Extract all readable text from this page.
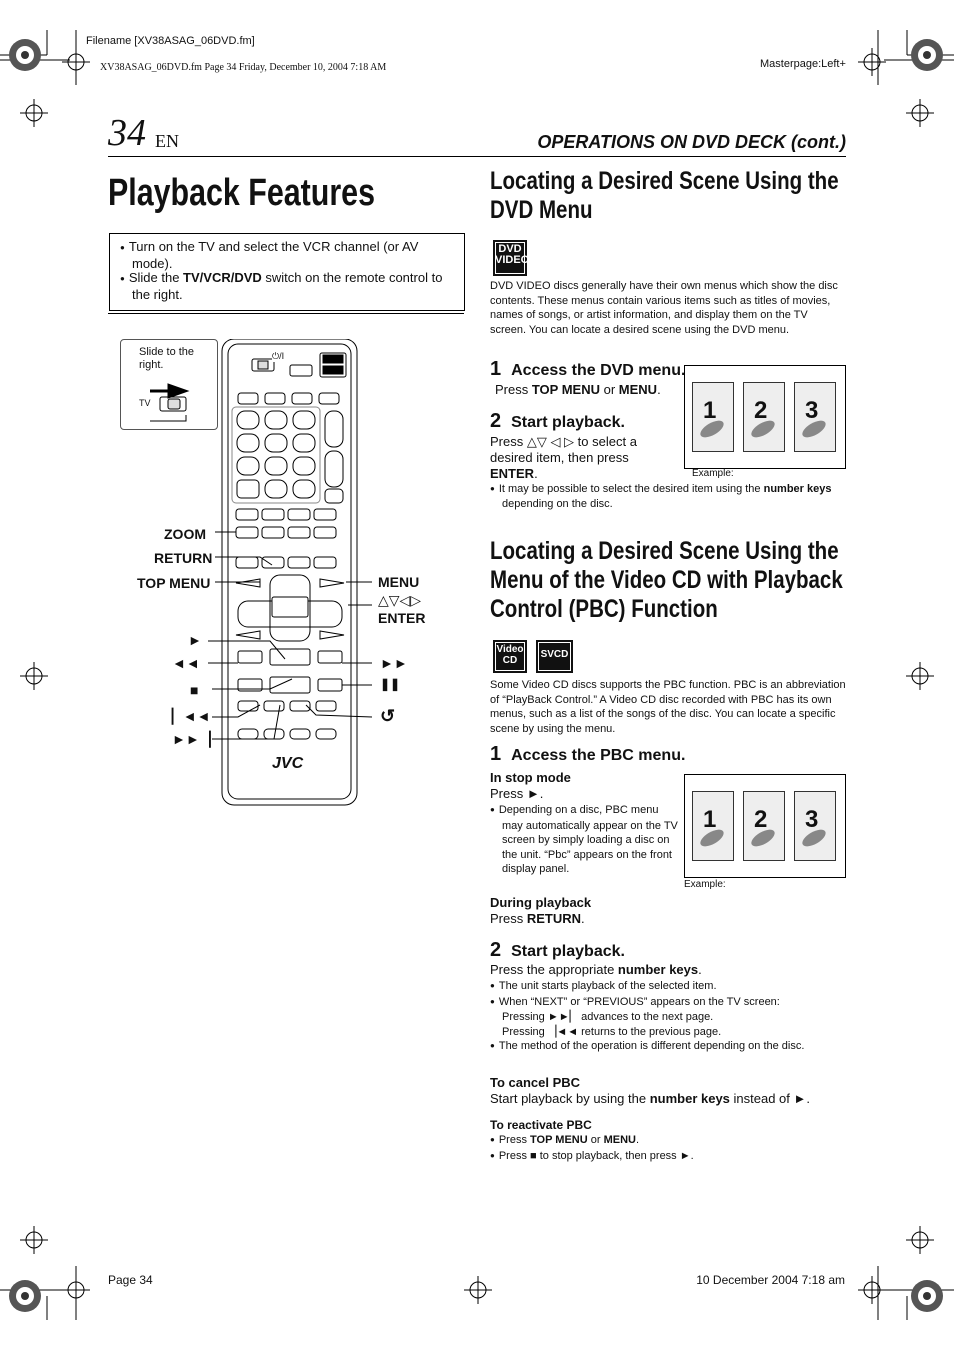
Filename [XV38ASAG_06DVD.fm]
XV38ASAG_06DVD.fm Page 34 Friday, December 10, 2004 7:18 AM	Masterpage:Left+
34 EN	OPERATIONS ON DVD DECK (cont.)
Playback Features
● Turn on the TV and select the VCR channel (or AV mode).
● Slide the TV/VCR/DVD switch on the remote control to the right.
Slide to the right.
TV
⏻/I
JVC
ZOOM
RETURN
TOP MENU	MENU
△▽◁▷
ENTER
►
◄◄	►►
■	❚❚
▏◄◄
►►▕
↺
Locating a Desired Scene Using the DVD Menu
DVD VIDEO
DVD VIDEO discs generally have their own menus which show the disc contents. These menus contain various items such as titles of movies, names of songs, or artist information, and display them on the TV screen. You can locate a desired scene using the DVD menu.
1 Access the DVD menu.
Press TOP MENU or MENU.
2 Start playback.
Press △▽ ◁ ▷ to select a desired item, then press ENTER.
● It may be possible to select the desired item using the number keys depending on the disc.
1 2 3
Example:
Locating a Desired Scene Using the Menu of the Video CD with Playback Control (PBC) Function
Video CD
SVCD
Some Video CD discs supports the PBC function. PBC is an abbreviation of “PlayBack Control.” A Video CD disc recorded with PBC has its own menus, such as a list of the songs of the disc. You can locate a specific scene by using the menu.
1 Access the PBC menu.
In stop mode
Press ►.
● Depending on a disc, PBC menu may automatically appear on the TV screen by simply loading a disc on the unit. “Pbc” appears on the front display panel.
During playback
Press RETURN.
1 2 3
Example:
2 Start playback.
Press the appropriate number keys.
● The unit starts playback of the selected item.
● When “NEXT” or “PREVIOUS” appears on the TV screen:
Pressing ►►▏ advances to the next page.
Pressing ▕◄◄ returns to the previous page.
● The method of the operation is different depending on the disc.
To cancel PBC
Start playback by using the number keys instead of ►.
To reactivate PBC
● Press TOP MENU or MENU.
● Press ■ to stop playback, then press ►.
Page 34	10 December 2004 7:18 am
